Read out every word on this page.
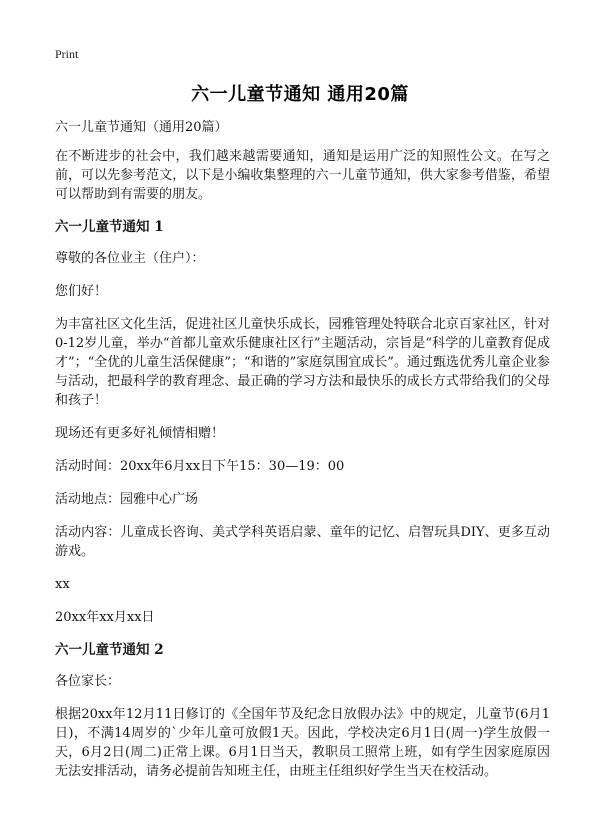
Print
六一儿童节通知 通用20篇

六一儿童节通知（通用20篇）

在不断进步的社会中，我们越来越需要通知，通知是运用广泛的知照性公文。在写之前，可以先参考范文，以下是小编收集整理的六一儿童节通知，供大家参考借鉴，希望可以帮助到有需要的朋友。

六一儿童节通知 1

尊敬的各位业主（住户）：

您们好！

为丰富社区文化生活，促进社区儿童快乐成长，园雅管理处特联合北京百家社区，针对0-12岁儿童，举办“首都儿童欢乐健康社区行”主题活动，宗旨是“科学的儿童教育促成才”；“全优的儿童生活保健康”；“和谐的”家庭氛围宜成长”。通过甄选优秀儿童企业参与活动，把最科学的教育理念、最正确的学习方法和最快乐的成长方式带给我们的父母和孩子！

现场还有更多好礼倾情相赠！

活动时间：20xx年6月xx日下午15：30—19：00

活动地点：园雅中心广场

活动内容：儿童成长咨询、美式学科英语启蒙、童年的记忆、启智玩具DIY、更多互动游戏。

xx

20xx年xx月xx日

六一儿童节通知 2

各位家长：

根据20xx年12月11日修订的《全国年节及纪念日放假办法》中的规定，儿童节(6月1日)，不满14周岁的`少年儿童可放假1天。因此，学校决定6月1日(周一)学生放假一天，6月2日(周二)正常上课。6月1日当天，教职员工照常上班，如有学生因家庭原因无法安排活动，请务必提前告知班主任，由班主任组织好学生当天在校活动。
